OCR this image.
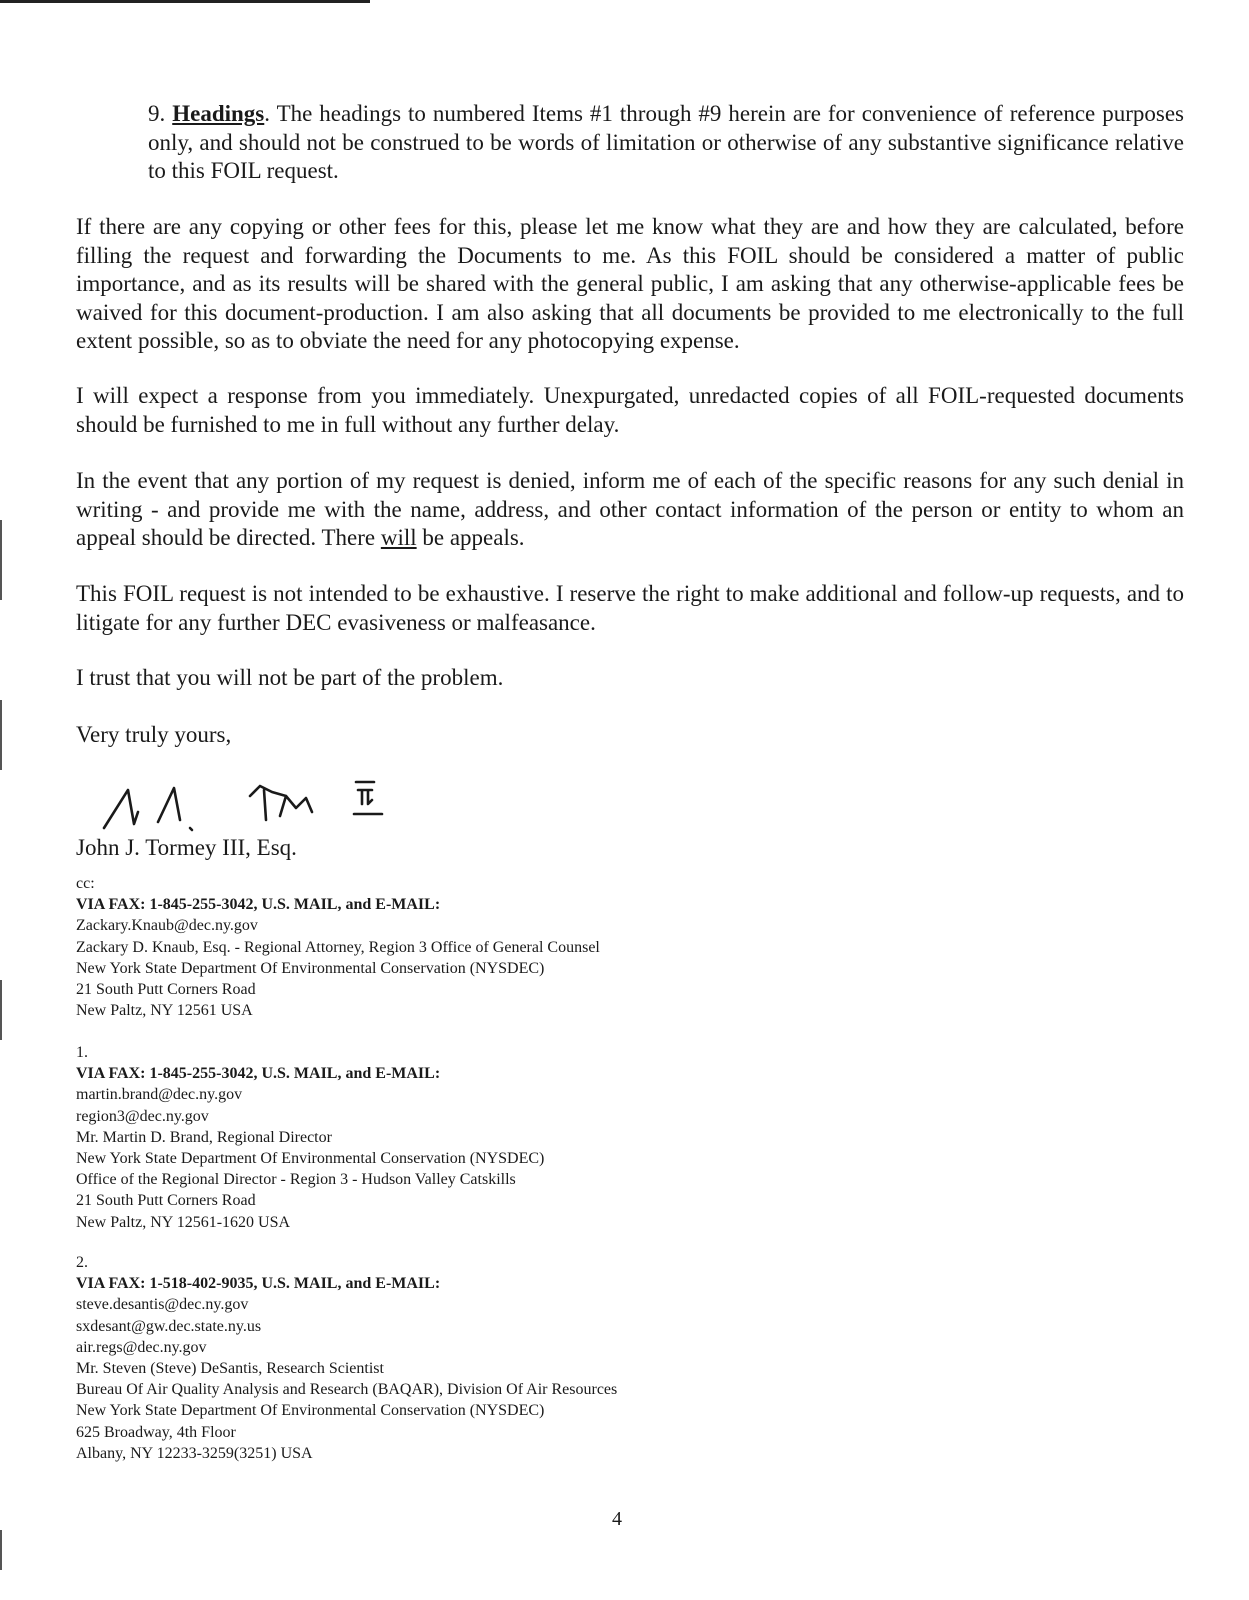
9. Headings. The headings to numbered Items #1 through #9 herein are for convenience of reference purposes only, and should not be construed to be words of limitation or otherwise of any substantive significance relative to this FOIL request.

If there are any copying or other fees for this, please let me know what they are and how they are calculated, before filling the request and forwarding the Documents to me. As this FOIL should be considered a matter of public importance, and as its results will be shared with the general public, I am asking that any otherwise-applicable fees be waived for this document-production. I am also asking that all documents be provided to me electronically to the full extent possible, so as to obviate the need for any photocopying expense.

I will expect a response from you immediately. Unexpurgated, unredacted copies of all FOIL-requested documents should be furnished to me in full without any further delay.

In the event that any portion of my request is denied, inform me of each of the specific reasons for any such denial in writing - and provide me with the name, address, and other contact information of the person or entity to whom an appeal should be directed. There will be appeals.

This FOIL request is not intended to be exhaustive. I reserve the right to make additional and follow-up requests, and to litigate for any further DEC evasiveness or malfeasance.

I trust that you will not be part of the problem.

Very truly yours,

John J. Tormey III, Esq.

cc:
VIA FAX: 1-845-255-3042, U.S. MAIL, and E-MAIL:
Zackary.Knaub@dec.ny.gov
Zackary D. Knaub, Esq. - Regional Attorney, Region 3 Office of General Counsel
New York State Department Of Environmental Conservation (NYSDEC)
21 South Putt Corners Road
New Paltz, NY 12561 USA
1.
VIA FAX: 1-845-255-3042, U.S. MAIL, and E-MAIL:
martin.brand@dec.ny.gov
region3@dec.ny.gov
Mr. Martin D. Brand, Regional Director
New York State Department Of Environmental Conservation (NYSDEC)
Office of the Regional Director - Region 3 - Hudson Valley Catskills
21 South Putt Corners Road
New Paltz, NY 12561-1620 USA
2.
VIA FAX: 1-518-402-9035, U.S. MAIL, and E-MAIL:
steve.desantis@dec.ny.gov
sxdesant@gw.dec.state.ny.us
air.regs@dec.ny.gov
Mr. Steven (Steve) DeSantis, Research Scientist
Bureau Of Air Quality Analysis and Research (BAQAR), Division Of Air Resources
New York State Department Of Environmental Conservation (NYSDEC)
625 Broadway, 4th Floor
Albany, NY 12233-3259(3251) USA

4
